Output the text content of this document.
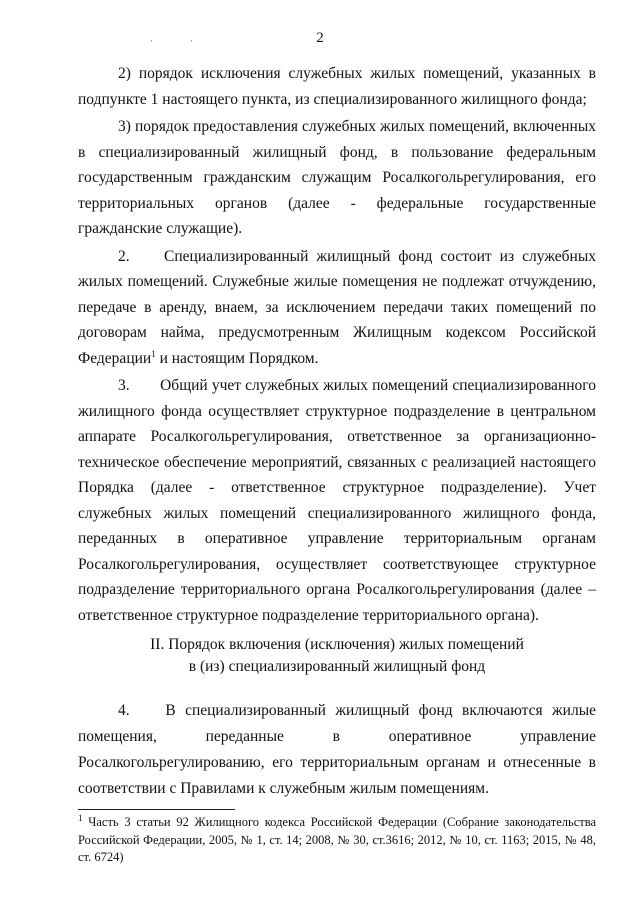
‚                   ,	2

2) порядок исключения служебных жилых помещений, указанных в подпункте 1 настоящего пункта, из специализированного жилищного фонда;

3) порядок предоставления служебных жилых помещений, включенных в специализированный жилищный фонд, в пользование федеральным государственным гражданским служащим Росалкогольрегулирования, его территориальных органов (далее - федеральные государственные гражданские служащие).

2. Специализированный жилищный фонд состоит из служебных жилых помещений. Служебные жилые помещения не подлежат отчуждению, передаче в аренду, внаем, за исключением передачи таких помещений по договорам найма, предусмотренным Жилищным кодексом Российской Федерации$^1$ и настоящим Порядком.

3. Общий учет служебных жилых помещений специализированного жилищного фонда осуществляет структурное подразделение в центральном аппарате Росалкогольрегулирования, ответственное за организационно-техническое обеспечение мероприятий, связанных с реализацией настоящего Порядка (далее - ответственное структурное подразделение). Учет служебных жилых помещений специализированного жилищного фонда, переданных в оперативное управление территориальным органам Росалкогольрегулирования, осуществляет соответствующее структурное подразделение территориального органа Росалкогольрегулирования (далее – ответственное структурное подразделение территориального органа).

II. Порядок включения (исключения) жилых помещений
в (из) специализированный жилищный фонд

4. В специализированный жилищный фонд включаются жилые помещения, переданные в оперативное управление Росалкогольрегулированию, его территориальным органам и отнесенные в соответствии с Правилами к служебным жилым помещениям.

$^1$ Часть 3 статьи 92 Жилищного кодекса Российской Федерации (Собрание законодательства Российской Федерации, 2005, № 1, ст. 14; 2008, № 30, ст.3616; 2012, № 10, ст. 1163; 2015, № 48, ст. 6724)
